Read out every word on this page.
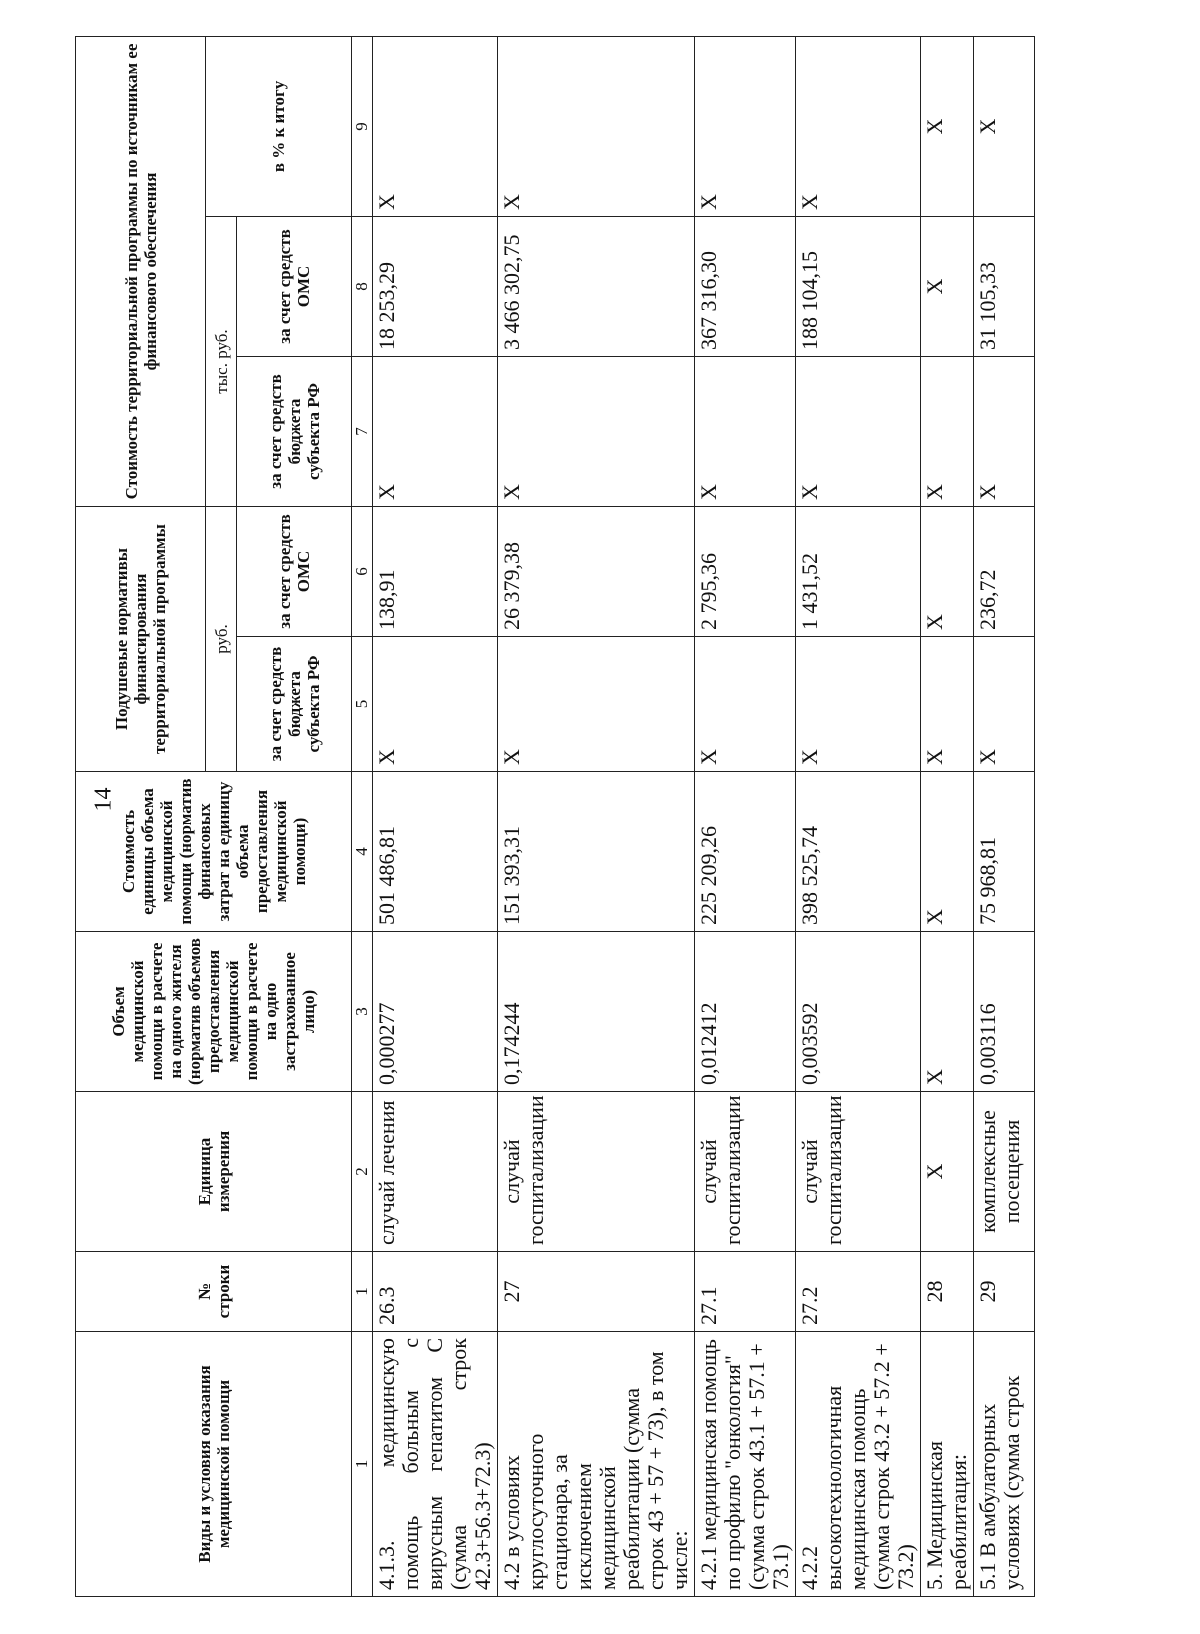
14
Виды и условия оказания медицинской помощи	№ строки	Единица измерения	Объем медицинской помощи в расчете на одного жителя (норматив объемов предоставления медицинской помощи в расчете на одно застрахованное лицо)	Стоимость единицы объема медицинской помощи (норматив финансовых затрат на единицу объема предоставления медицинской помощи)	Подушевые нормативы финансирования территориальной программы		Стоимость территориальной программы по источникам ее финансового обеспечения		
					руб.		тыс. руб.		в % к итогу
					за счет средств бюджета субъекта РФ	за счет средств ОМС	за счет средств бюджета субъекта РФ	за счет средств ОМС	
1	1	2	3	4	5	6	7	8	9
4.1.3. медицинскую помощь больным с вирусным гепатитом С (сумма строк 42.3+56.3+72.3)	26.3	случай лечения	0,000277	501 486,81	X	138,91	X	18 253,29	X
4.2 в условиях круглосуточного стационара, за исключением медицинской реабилитации (сумма строк 43 + 57 + 73), в том числе:	27	случай госпитализации	0,174244	151 393,31	X	26 379,38	X	3 466 302,75	X
4.2.1 медицинская помощь по профилю "онкология" (сумма строк 43.1 + 57.1 + 73.1)	27.1	случай госпитализации	0,012412	225 209,26	X	2 795,36	X	367 316,30	X
4.2.2 высокотехнологичная медицинская помощь (сумма строк 43.2 + 57.2 + 73.2)	27.2	случай госпитализации	0,003592	398 525,74	X	1 431,52	X	188 104,15	X
5. Медицинская реабилитация:	28	X	X	X	X	X	X	X	X
5.1 В амбулаторных условиях (сумма строк	29	комплексные посещения	0,003116	75 968,81	X	236,72	X	31 105,33	X
